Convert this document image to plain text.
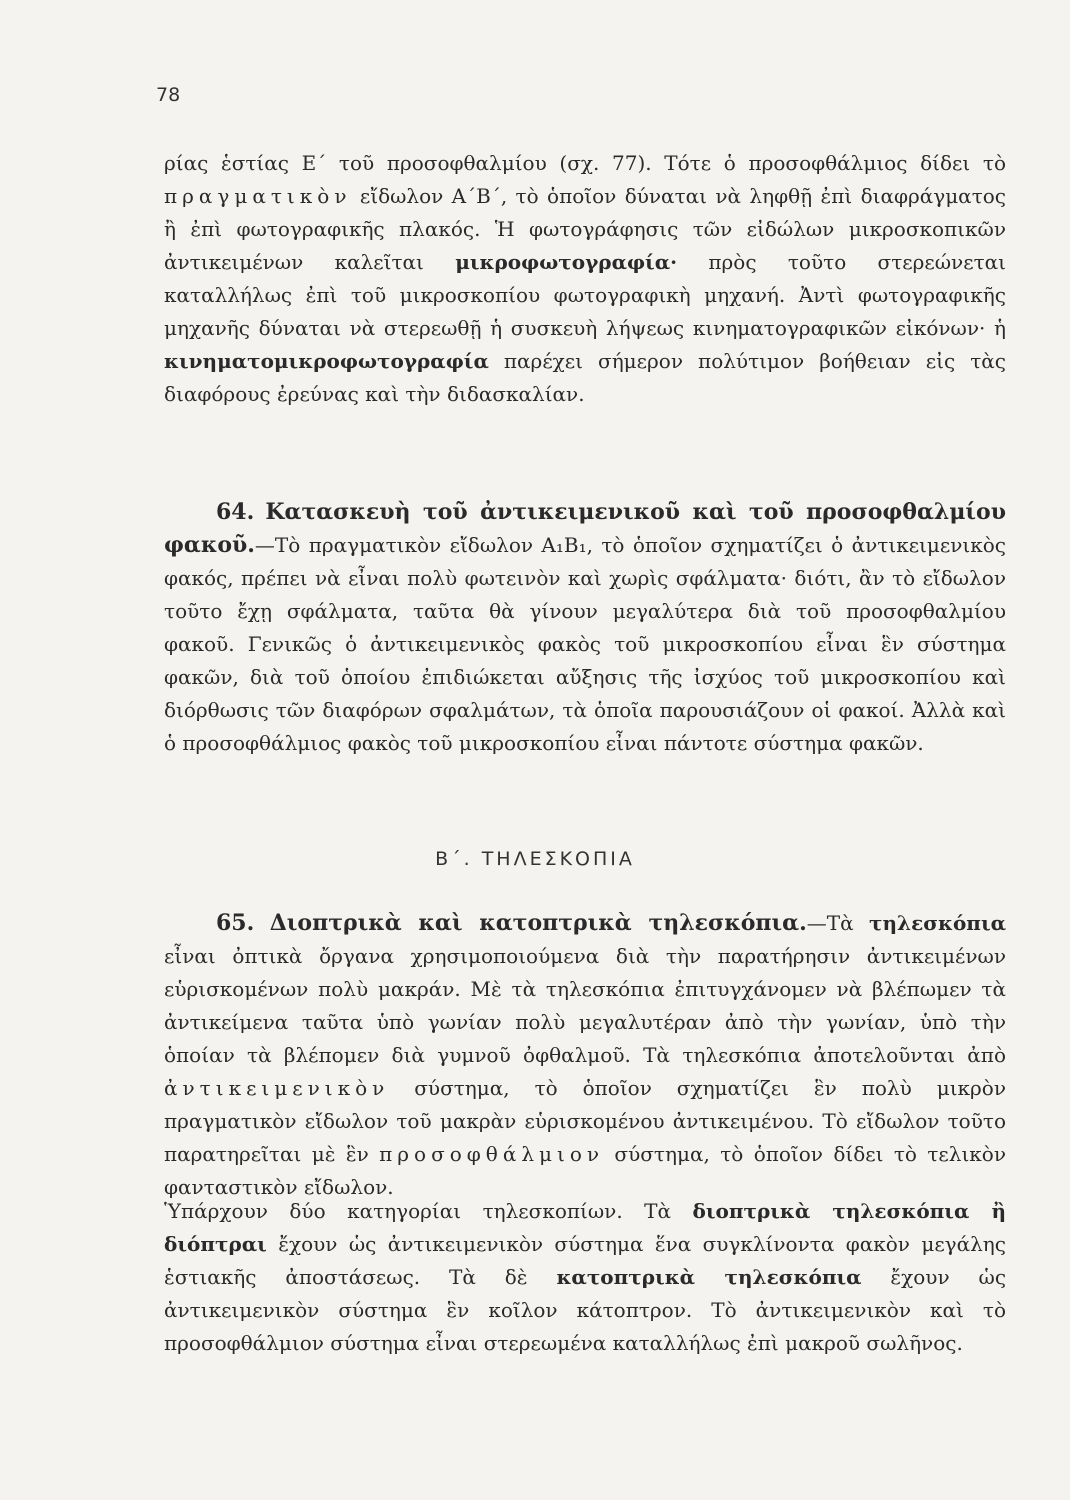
78

ρίας ἑστίας Ε΄ τοῦ προσοφθαλμίου (σχ. 77). Τότε ὁ προσοφθάλμιος δίδει τὸ πραγματικὸν εἴδωλον Α΄Β΄, τὸ ὁποῖον δύναται νὰ ληφθῇ ἐπὶ διαφράγματος ἢ ἐπὶ φωτογραφικῆς πλακός. Ἡ φωτογράφησις τῶν εἰδώλων μικροσκοπικῶν ἀντικειμένων καλεῖται μικροφωτογραφία· πρὸς τοῦτο στερεώνεται καταλλήλως ἐπὶ τοῦ μικροσκοπίου φωτογραφικὴ μηχανή. Ἀντὶ φωτογραφικῆς μηχανῆς δύναται νὰ στερεωθῇ ἡ συσκευὴ λήψεως κινηματογραφικῶν εἰκόνων· ἡ κινηματομικροφωτογραφία παρέχει σήμερον πολύτιμον βοήθειαν εἰς τὰς διαφόρους ἐρεύνας καὶ τὴν διδασκαλίαν.

64. Κατασκευὴ τοῦ ἀντικειμενικοῦ καὶ τοῦ προσοφθαλμίου φακοῦ.—Τὸ πραγματικὸν εἴδωλον Α₁Β₁, τὸ ὁποῖον σχηματίζει ὁ ἀντικειμενικὸς φακός, πρέπει νὰ εἶναι πολὺ φωτεινὸν καὶ χωρὶς σφάλματα· διότι, ἂν τὸ εἴδωλον τοῦτο ἔχῃ σφάλματα, ταῦτα θὰ γίνουν μεγαλύτερα διὰ τοῦ προσοφθαλμίου φακοῦ. Γενικῶς ὁ ἀντικειμενικὸς φακὸς τοῦ μικροσκοπίου εἶναι ἓν σύστημα φακῶν, διὰ τοῦ ὁποίου ἐπιδιώκεται αὔξησις τῆς ἰσχύος τοῦ μικροσκοπίου καὶ διόρθωσις τῶν διαφόρων σφαλμάτων, τὰ ὁποῖα παρουσιάζουν οἱ φακοί. Ἀλλὰ καὶ ὁ προσοφθάλμιος φακὸς τοῦ μικροσκοπίου εἶναι πάντοτε σύστημα φακῶν.

Β΄. ΤΗΛΕΣΚΟΠΙΑ

65. Διοπτρικὰ καὶ κατοπτρικὰ τηλεσκόπια.—Τὰ τηλεσκόπια εἶναι ὀπτικὰ ὄργανα χρησιμοποιούμενα διὰ τὴν παρατήρησιν ἀντικειμένων εὑρισκομένων πολὺ μακράν. Μὲ τὰ τηλεσκόπια ἐπιτυγχάνομεν νὰ βλέπωμεν τὰ ἀντικείμενα ταῦτα ὑπὸ γωνίαν πολὺ μεγαλυτέραν ἀπὸ τὴν γωνίαν, ὑπὸ τὴν ὁποίαν τὰ βλέπομεν διὰ γυμνοῦ ὀφθαλμοῦ. Τὰ τηλεσκόπια ἀποτελοῦνται ἀπὸ ἀντικειμενικὸν σύστημα, τὸ ὁποῖον σχηματίζει ἓν πολὺ μικρὸν πραγματικὸν εἴδωλον τοῦ μακρὰν εὑρισκομένου ἀντικειμένου. Τὸ εἴδωλον τοῦτο παρατηρεῖται μὲ ἓν προσοφθάλμιον σύστημα, τὸ ὁποῖον δίδει τὸ τελικὸν φανταστικὸν εἴδωλον.

Ὑπάρχουν δύο κατηγορίαι τηλεσκοπίων. Τὰ διοπτρικὰ τηλεσκόπια ἢ διόπτραι ἔχουν ὡς ἀντικειμενικὸν σύστημα ἕνα συγκλίνοντα φακὸν μεγάλης ἑστιακῆς ἀποστάσεως. Τὰ δὲ κατοπτρικὰ τηλεσκόπια ἔχουν ὡς ἀντικειμενικὸν σύστημα ἓν κοῖλον κάτοπτρον. Τὸ ἀντικειμενικὸν καὶ τὸ προσοφθάλμιον σύστημα εἶναι στερεωμένα καταλλήλως ἐπὶ μακροῦ σωλῆνος.
